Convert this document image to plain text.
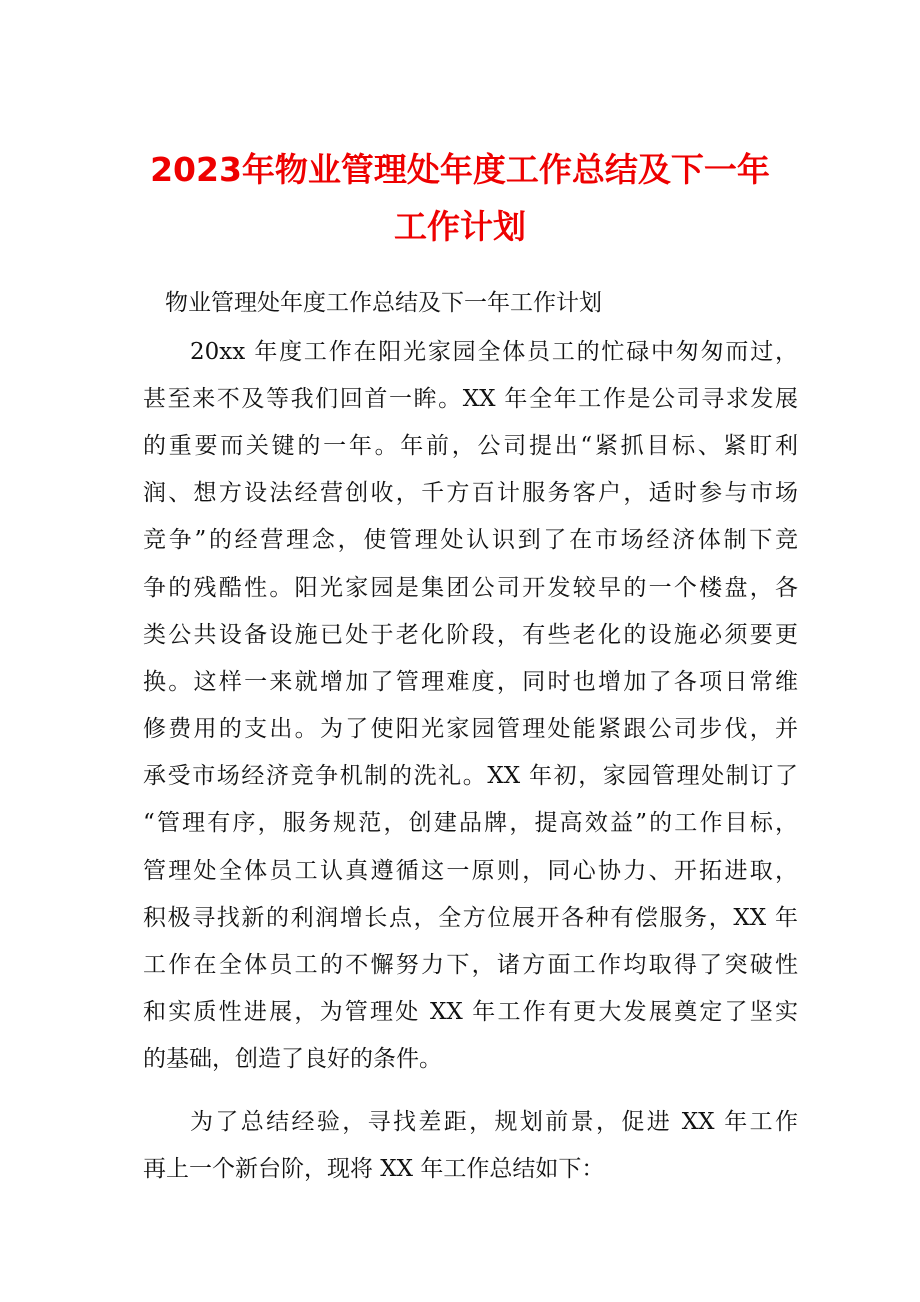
2023年物业管理处年度工作总结及下一年
工作计划
物业管理处年度工作总结及下一年工作计划
20xx 年度工作在阳光家园全体员工的忙碌中匆匆而过，
甚至来不及等我们回首一眸。XX 年全年工作是公司寻求发展
的重要而关键的一年。年前，公司提出“紧抓目标、紧盯利
润、想方设法经营创收，千方百计服务客户，适时参与市场
竞争”的经营理念，使管理处认识到了在市场经济体制下竞
争的残酷性。阳光家园是集团公司开发较早的一个楼盘，各
类公共设备设施已处于老化阶段，有些老化的设施必须要更
换。这样一来就增加了管理难度，同时也增加了各项日常维
修费用的支出。为了使阳光家园管理处能紧跟公司步伐，并
承受市场经济竞争机制的洗礼。XX 年初，家园管理处制订了
“管理有序，服务规范，创建品牌，提高效益”的工作目标，
管理处全体员工认真遵循这一原则，同心协力、开拓进取，
积极寻找新的利润增长点，全方位展开各种有偿服务，XX 年
工作在全体员工的不懈努力下，诸方面工作均取得了突破性
和实质性进展，为管理处 XX 年工作有更大发展奠定了坚实
的基础，创造了良好的条件。
为了总结经验，寻找差距，规划前景，促进 XX 年工作
再上一个新台阶，现将 XX 年工作总结如下：
